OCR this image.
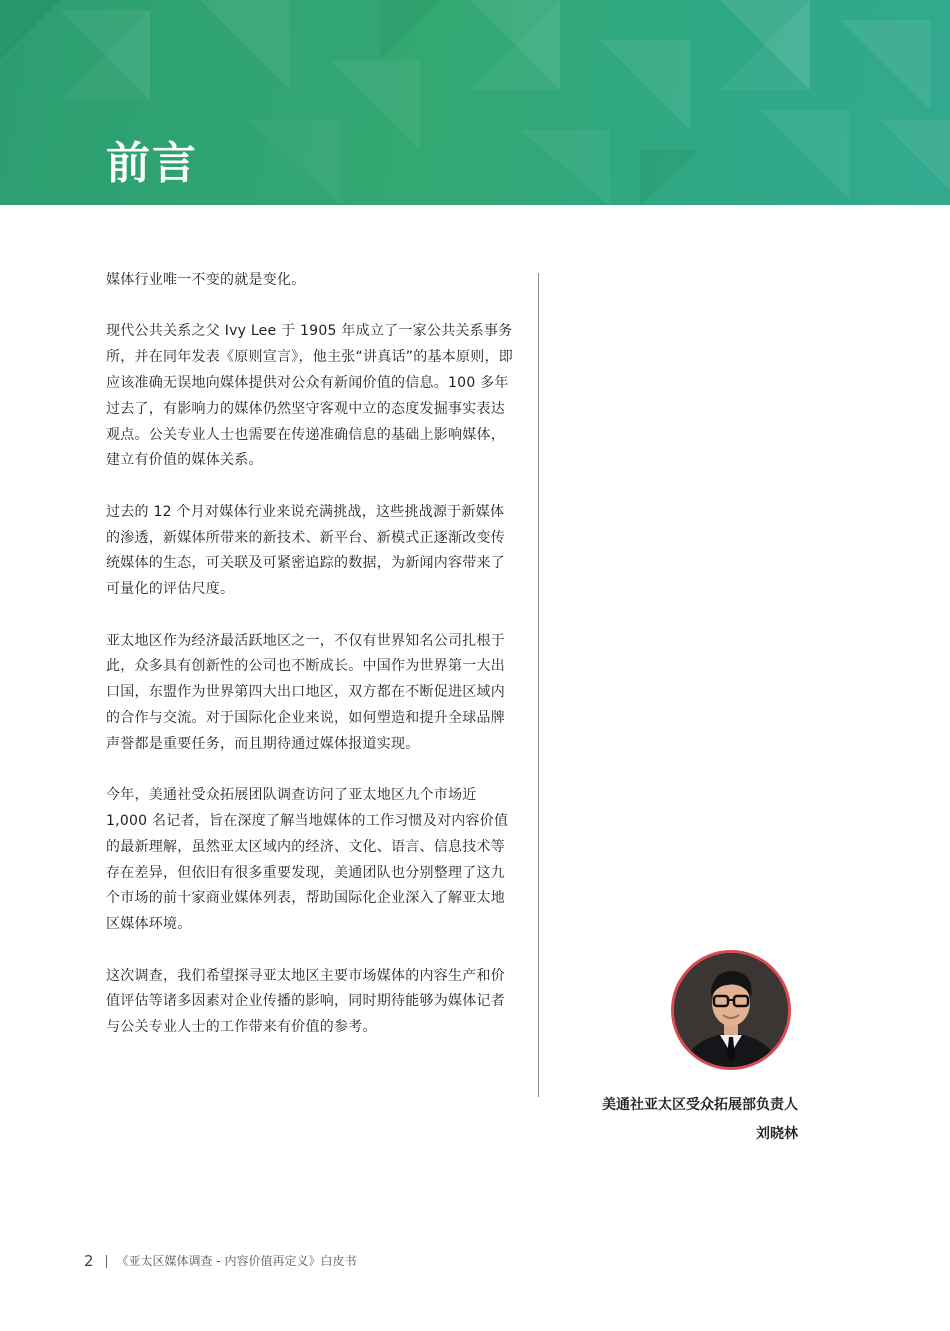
前言

媒体行业唯一不变的就是变化。

现代公共关系之父 Ivy Lee 于 1905 年成立了一家公共关系事务所，并在同年发表《原则宣言》，他主张“讲真话”的基本原则，即应该准确无误地向媒体提供对公众有新闻价值的信息。100 多年过去了，有影响力的媒体仍然坚守客观中立的态度发掘事实表达观点。公关专业人士也需要在传递准确信息的基础上影响媒体，建立有价值的媒体关系。

过去的 12 个月对媒体行业来说充满挑战，这些挑战源于新媒体的渗透，新媒体所带来的新技术、新平台、新模式正逐渐改变传统媒体的生态，可关联及可紧密追踪的数据，为新闻内容带来了可量化的评估尺度。

亚太地区作为经济最活跃地区之一，不仅有世界知名公司扎根于此，众多具有创新性的公司也不断成长。中国作为世界第一大出口国，东盟作为世界第四大出口地区，双方都在不断促进区域内的合作与交流。对于国际化企业来说，如何塑造和提升全球品牌声誉都是重要任务，而且期待通过媒体报道实现。

今年，美通社受众拓展团队调查访问了亚太地区九个市场近 1,000 名记者，旨在深度了解当地媒体的工作习惯及对内容价值的最新理解，虽然亚太区域内的经济、文化、语言、信息技术等存在差异，但依旧有很多重要发现，美通团队也分别整理了这九个市场的前十家商业媒体列表，帮助国际化企业深入了解亚太地区媒体环境。

这次调查，我们希望探寻亚太地区主要市场媒体的内容生产和价值评估等诸多因素对企业传播的影响，同时期待能够为媒体记者与公关专业人士的工作带来有价值的参考。

美通社亚太区受众拓展部负责人
刘晓林
2 《亚太区媒体调查 - 内容价值再定义》白皮书
